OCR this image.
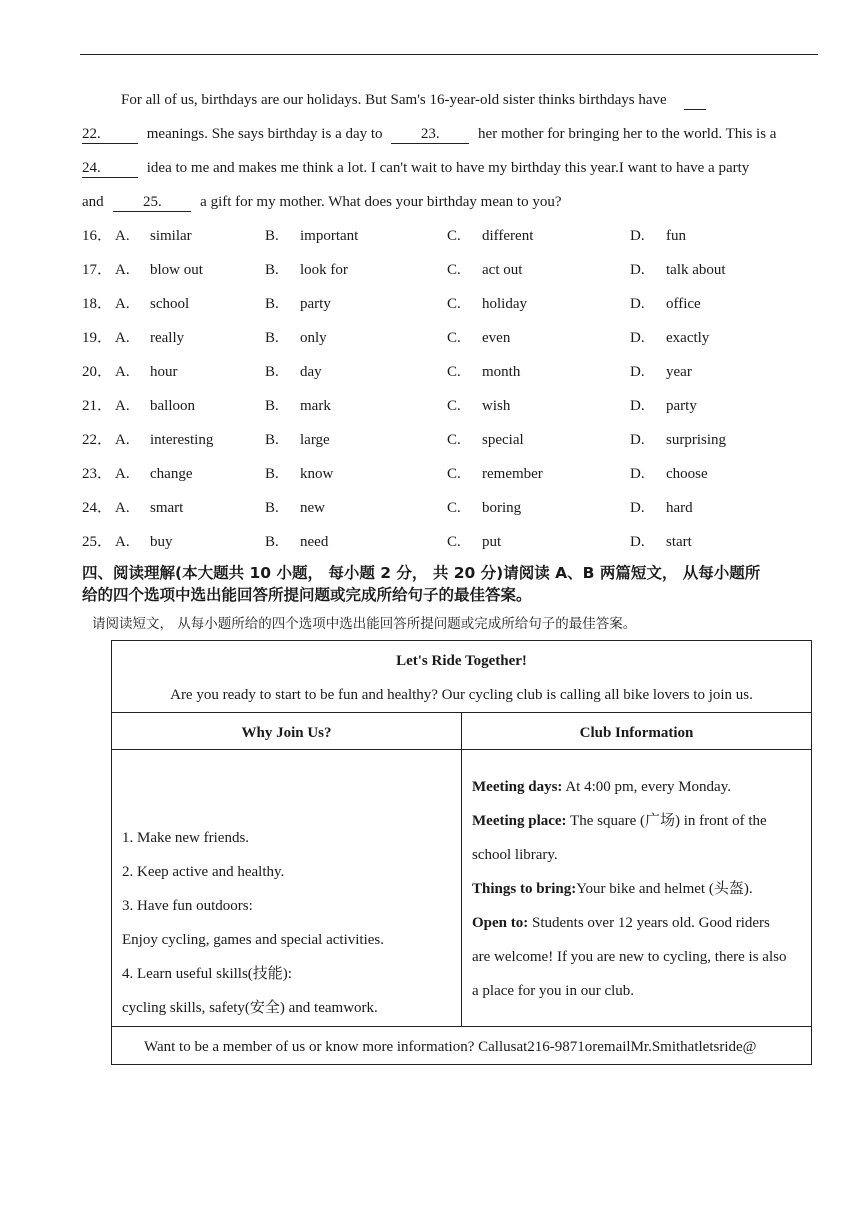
For all of us, birthdays are our holidays. But Sam's 16-year-old sister thinks birthdays have
22.	meanings. She says birthday is a day to	23.	her mother for bringing her to the world. This is a
24.	idea to me and makes me think a lot. I can't wait to have my birthday this year.I want to have a party
and	25.	a gift for my mother. What does your birthday mean to you?
16． A. similar	B. important	C. different	D. fun
17． A. blow out	B. look for	C. act out	D. talk about
18． A. school	B. party	C. holiday	D. office
19． A. really	B. only	C. even	D. exactly
20． A. hour	B. day	C. month	D. year
21． A. balloon	B. mark	C. wish	D. party
22． A. interesting	B. large	C. special	D. surprising
23． A. change	B. know	C. remember	D. choose
24． A. smart	B. new	C. boring	D. hard
25． A. buy	B. need	C. put	D. start
四、阅读理解(本大题共 10 小题， 每小题 2 分， 共 20 分)请阅读 A、B 两篇短文， 从每小题所
给的四个选项中选出能回答所提问题或完成所给句子的最佳答案。
请阅读短文， 从每小题所给的四个选项中选出能回答所提问题或完成所给句子的最佳答案。
Let's Ride Together!
Are you ready to start to be fun and healthy? Our cycling club is calling all bike lovers to join us.
Why Join Us?	Club Information
1. Make new friends.
2. Keep active and healthy.
3. Have fun outdoors:
Enjoy cycling, games and special activities.
4. Learn useful skills(技能):
cycling skills, safety(安全) and teamwork.
Meeting days: At 4:00 pm, every Monday.
Meeting place: The square (广场) in front of the
school library.
Things to bring:Your bike and helmet (头盔).
Open to: Students over 12 years old. Good riders
are welcome! If you are new to cycling, there is also
a place for you in our club.
Want to be a member of us or know more information? Callusat216-9871oremailMr.Smithatletsride@
